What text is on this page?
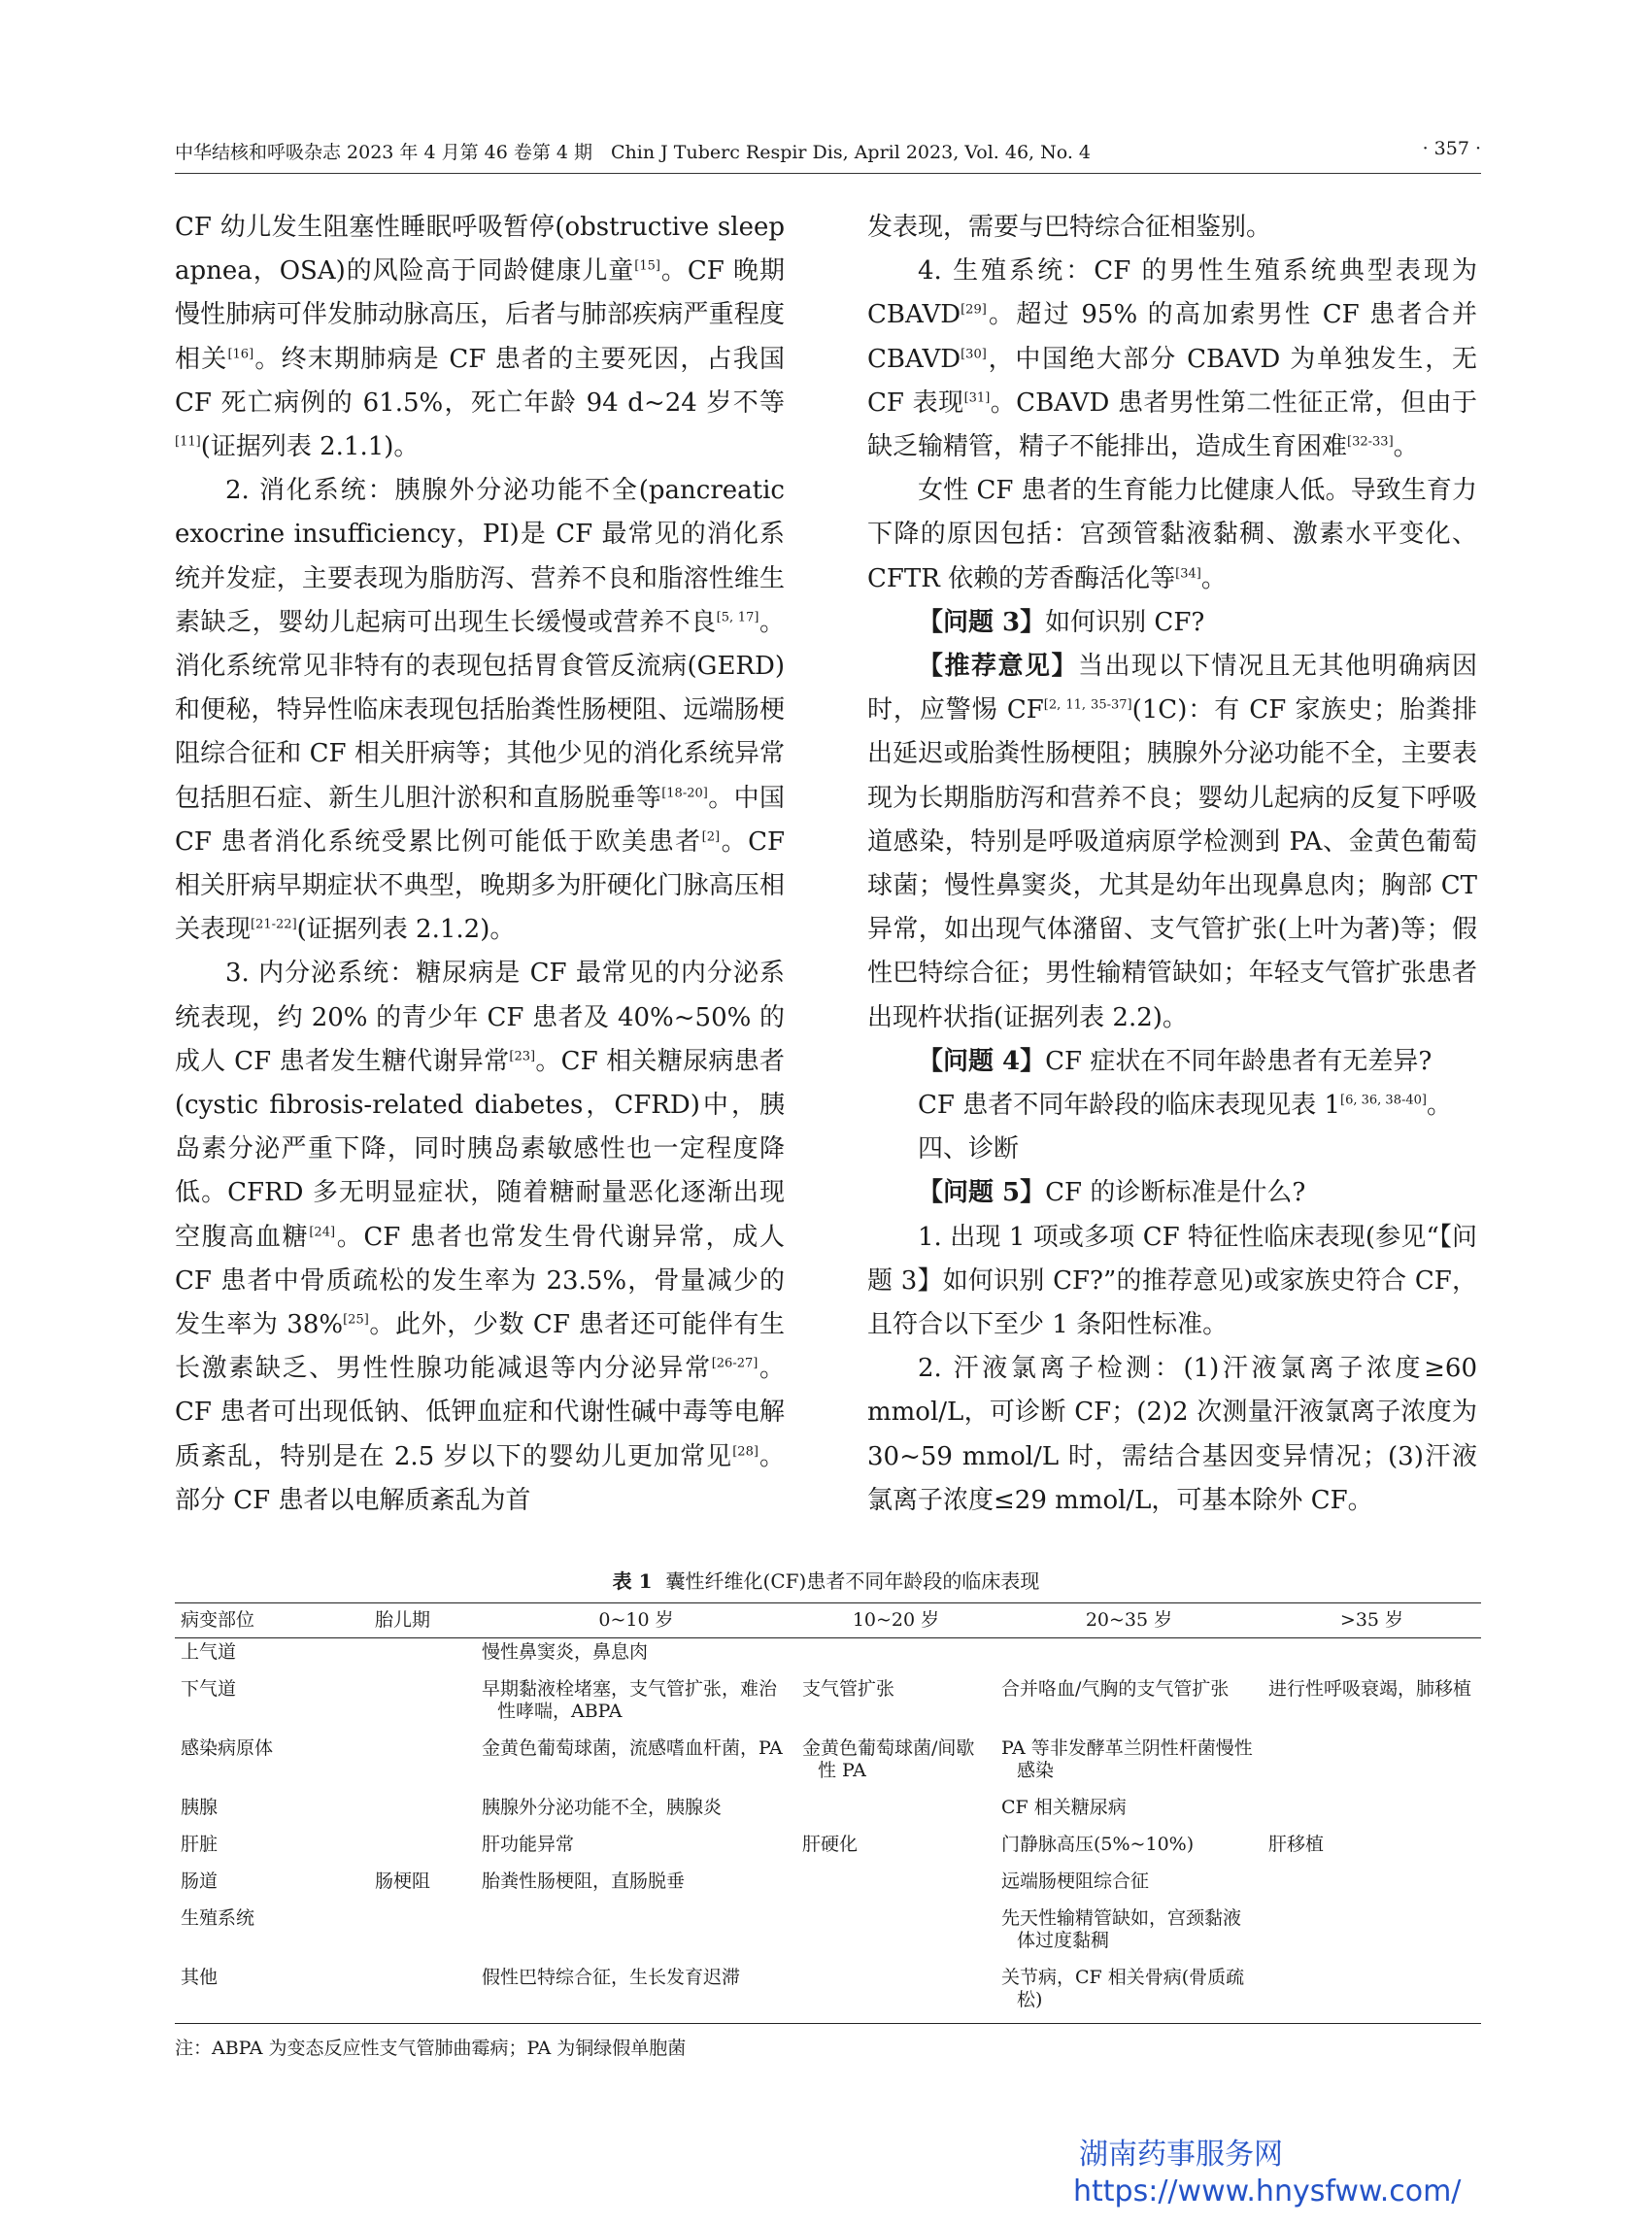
中华结核和呼吸杂志 2023 年 4 月第 46 卷第 4 期　Chin J Tuberc Respir Dis, April 2023, Vol. 46, No. 4	· 357 ·

CF 幼儿发生阻塞性睡眠呼吸暂停(obstructive sleep apnea，OSA)的风险高于同龄健康儿童[15]。CF 晚期慢性肺病可伴发肺动脉高压，后者与肺部疾病严重程度相关[16]。终末期肺病是 CF 患者的主要死因，占我国 CF 死亡病例的 61.5%，死亡年龄 94 d~24 岁不等[11](证据列表 2.1.1)。

2. 消化系统：胰腺外分泌功能不全(pancreatic exocrine insufficiency，PI)是 CF 最常见的消化系统并发症，主要表现为脂肪泻、营养不良和脂溶性维生素缺乏，婴幼儿起病可出现生长缓慢或营养不良[5, 17]。消化系统常见非特有的表现包括胃食管反流病(GERD)和便秘，特异性临床表现包括胎粪性肠梗阻、远端肠梗阻综合征和 CF 相关肝病等；其他少见的消化系统异常包括胆石症、新生儿胆汁淤积和直肠脱垂等[18-20]。中国 CF 患者消化系统受累比例可能低于欧美患者[2]。CF 相关肝病早期症状不典型，晚期多为肝硬化门脉高压相关表现[21-22](证据列表 2.1.2)。

3. 内分泌系统：糖尿病是 CF 最常见的内分泌系统表现，约 20% 的青少年 CF 患者及 40%~50% 的成人 CF 患者发生糖代谢异常[23]。CF 相关糖尿病患者(cystic fibrosis-related diabetes，CFRD)中，胰岛素分泌严重下降，同时胰岛素敏感性也一定程度降低。CFRD 多无明显症状，随着糖耐量恶化逐渐出现空腹高血糖[24]。CF 患者也常发生骨代谢异常，成人 CF 患者中骨质疏松的发生率为 23.5%，骨量减少的发生率为 38%[25]。此外，少数 CF 患者还可能伴有生长激素缺乏、男性性腺功能减退等内分泌异常[26-27]。CF 患者可出现低钠、低钾血症和代谢性碱中毒等电解质紊乱，特别是在 2.5 岁以下的婴幼儿更加常见[28]。部分 CF 患者以电解质紊乱为首

发表现，需要与巴特综合征相鉴别。

4. 生殖系统：CF 的男性生殖系统典型表现为 CBAVD[29]。超过 95% 的高加索男性 CF 患者合并 CBAVD[30]，中国绝大部分 CBAVD 为单独发生，无 CF 表现[31]。CBAVD 患者男性第二性征正常，但由于缺乏输精管，精子不能排出，造成生育困难[32-33]。

女性 CF 患者的生育能力比健康人低。导致生育力下降的原因包括：宫颈管黏液黏稠、激素水平变化、CFTR 依赖的芳香酶活化等[34]。

【问题 3】如何识别 CF?

【推荐意见】当出现以下情况且无其他明确病因时，应警惕 CF[2, 11, 35-37](1C)：有 CF 家族史；胎粪排出延迟或胎粪性肠梗阻；胰腺外分泌功能不全，主要表现为长期脂肪泻和营养不良；婴幼儿起病的反复下呼吸道感染，特别是呼吸道病原学检测到 PA、金黄色葡萄球菌；慢性鼻窦炎，尤其是幼年出现鼻息肉；胸部 CT 异常，如出现气体潴留、支气管扩张(上叶为著)等；假性巴特综合征；男性输精管缺如；年轻支气管扩张患者出现杵状指(证据列表 2.2)。

【问题 4】CF 症状在不同年龄患者有无差异?

CF 患者不同年龄段的临床表现见表 1[6, 36, 38-40]。

四、诊断

【问题 5】CF 的诊断标准是什么?

1. 出现 1 项或多项 CF 特征性临床表现(参见“【问题 3】如何识别 CF?”的推荐意见)或家族史符合 CF，且符合以下至少 1 条阳性标准。

2. 汗液氯离子检测：(1)汗液氯离子浓度≥60 mmol/L，可诊断 CF；(2)2 次测量汗液氯离子浓度为 30~59 mmol/L 时，需结合基因变异情况；(3)汗液氯离子浓度≤29 mmol/L，可基本除外 CF。

表 1 囊性纤维化(CF)患者不同年龄段的临床表现
病变部位	胎儿期	0~10 岁	10~20 岁	20~35 岁	>35 岁
上气道		慢性鼻窦炎，鼻息肉			
下气道		早期黏液栓堵塞，支气管扩张，难治性哮喘，ABPA	支气管扩张	合并咯血/气胸的支气管扩张	进行性呼吸衰竭，肺移植
感染病原体		金黄色葡萄球菌，流感嗜血杆菌，PA	金黄色葡萄球菌/间歇性 PA	PA 等非发酵革兰阴性杆菌慢性感染	
胰腺		胰腺外分泌功能不全，胰腺炎		CF 相关糖尿病	
肝脏		肝功能异常	肝硬化	门静脉高压(5%~10%)	肝移植
肠道	肠梗阻	胎粪性肠梗阻，直肠脱垂		远端肠梗阻综合征	
生殖系统				先天性输精管缺如，宫颈黏液体过度黏稠	
其他		假性巴特综合征，生长发育迟滞		关节病，CF 相关骨病(骨质疏松)	
注：ABPA 为变态反应性支气管肺曲霉病；PA 为铜绿假单胞菌
湖南药事服务网
https://www.hnysfww.com/
